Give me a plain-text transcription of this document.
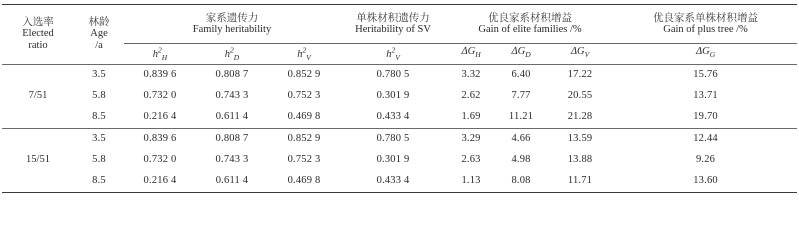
入选率
Elected
ratio	林龄
Age
/a	家系遗传力
Family heritability			单株材积遗传力
Heritability of SV	优良家系材积增益
Gain of elite families /%			优良家系单株材积增益
Gain of plus tree /%

		$h^2_H$	$h^2_D$	$h^2_V$	$h^2_V$	$\Delta G_H$	$\Delta G_D$	$\Delta G_V$	$\Delta G_G$
7/51	3.5	0.839 6	0.808 7	0.852 9	0.780 5	3.32	6.40	17.22	15.76
	5.8	0.732 0	0.743 3	0.752 3	0.301 9	2.62	7.77	20.55	13.71
	8.5	0.216 4	0.611 4	0.469 8	0.433 4	1.69	11.21	21.28	19.70
15/51	3.5	0.839 6	0.808 7	0.852 9	0.780 5	3.29	4.66	13.59	12.44
	5.8	0.732 0	0.743 3	0.752 3	0.301 9	2.63	4.98	13.88	9.26
	8.5	0.216 4	0.611 4	0.469 8	0.433 4	1.13	8.08	11.71	13.60
